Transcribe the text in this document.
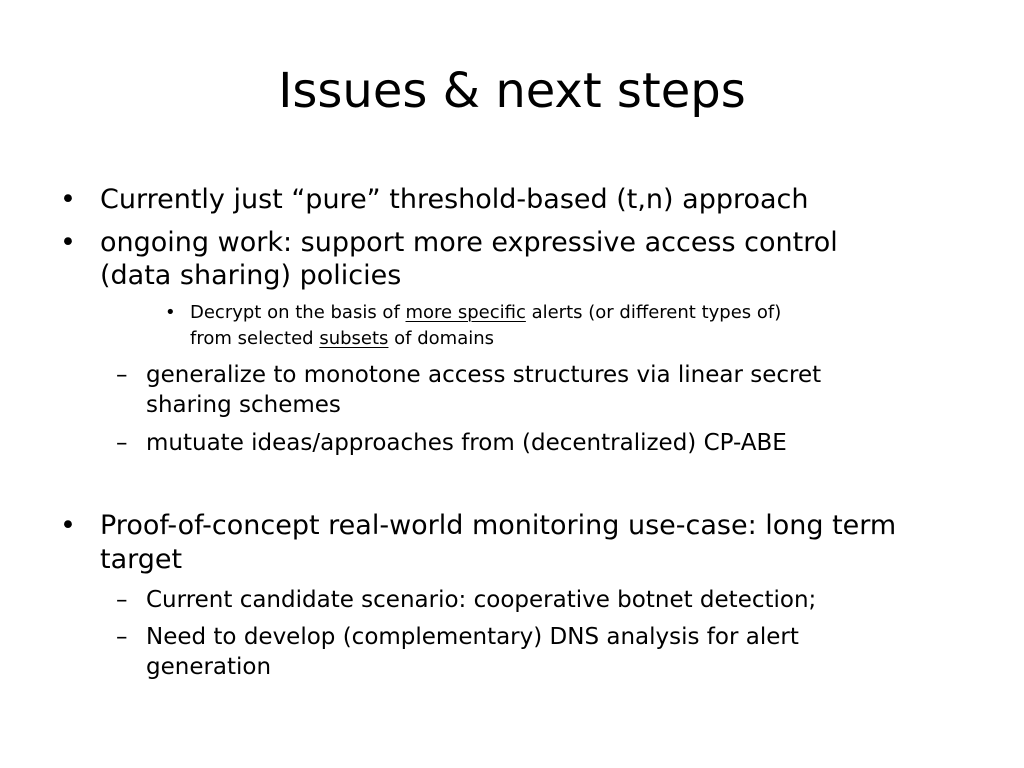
Issues & next steps
• Currently just “pure” threshold-based (t,n) approach
• ongoing work: support more expressive access control
(data sharing) policies
• Decrypt on the basis of more specific alerts (or different types of)
from selected subsets of domains
– generalize to monotone access structures via linear secret
sharing schemes
– mutuate ideas/approaches from (decentralized) CP-ABE
• Proof-of-concept real-world monitoring use-case: long term
target
– Current candidate scenario: cooperative botnet detection;
– Need to develop (complementary) DNS analysis for alert
generation
